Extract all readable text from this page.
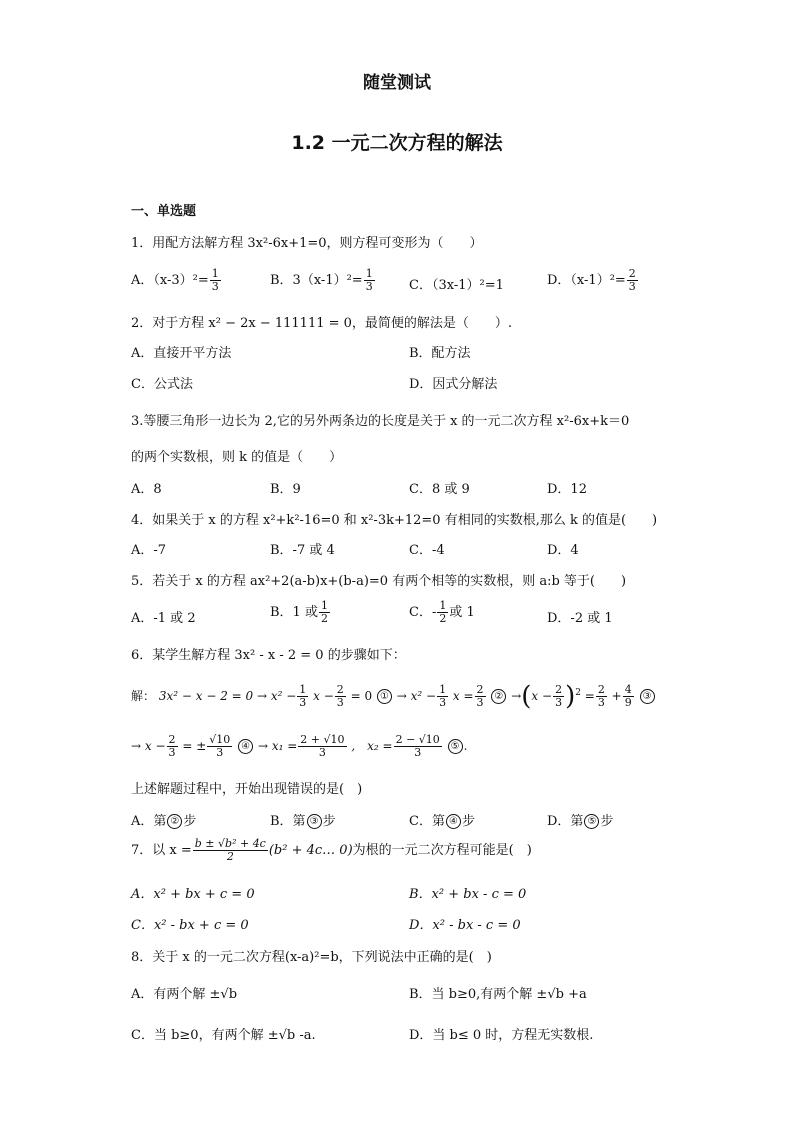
随堂测试
1.2 一元二次方程的解法
一、单选题
1．用配方法解方程 3x²-6x+1=0，则方程可变形为（　　）
A．$(x-3)^2= \frac{1}{3}$	B．$3(x-1)^2= \frac{1}{3}$	C．（3x-1）²=1	D．$(x-1)^2= \frac{2}{3}$
2．对于方程 x² − 2x − 111111 = 0，最简便的解法是（　　）.
A．直接开平方法	B．配方法
C．公式法	D．因式分解法
3.等腰三角形一边长为 2,它的另外两条边的长度是关于 x 的一元二次方程 x²-6x+k＝0
的两个实数根，则 k 的值是（　　）
A．8	B．9	C．8 或 9	D．12
4．如果关于 x 的方程 x²+k²-16=0 和 x²-3k+12=0 有相同的实数根,那么 k 的值是(　　)
A．-7	B．-7 或 4	C．-4	D．4
5．若关于 x 的方程 ax²+2(a-b)x+(b-a)=0 有两个相等的实数根，则 a:b 等于(　　)
A．-1 或 2	B．1 或 $\frac{1}{2}$	C．- $\frac{1}{2}$ 或 1	D．-2 或 1
6．某学生解方程 3x² - x - 2 = 0 的步骤如下：
解： $3x^2 - x - 2 = 0 \to x^2 - \frac{1}{3}$ $x - \frac{2}{3} = 0$ ① → $x^2 - \frac{1}{3}$ $x = \frac{2}{3}$ ② $\to(x - \frac{2}{3} )^2 = \frac{2}{3} + \frac{4}{9}$ ③
→ $x - \frac{2}{3}$ = ± $\frac{√10}{3}$ ④ → $x_1 = \frac{2 + √10}{3}$ ,　$x_2 = \frac{2 - √10}{3}$ ⑤ .
上述解题过程中，开始出现错误的是(　)
A．第 ② 步	B．第 ③ 步	C．第 ④ 步	D．第 ⑤ 步
7．以 $x = \frac{\text{b ± √b² + 4c}}{2} (b^2$ + 4c… 0)为根的一元二次方程可能是(　)
A．x² + bx + c = 0	B．x² + bx - c = 0
C．x² - bx + c = 0	D．x² - bx - c = 0
8．关于 x 的一元二次方程(x-a)²=b，下列说法中正确的是(　)
A．有两个解 ±√b	B．当 b≥0,有两个解 ±√b +a
C．当 b≥0，有两个解 ±√b -a.	D．当 b≤ 0 时，方程无实数根.
